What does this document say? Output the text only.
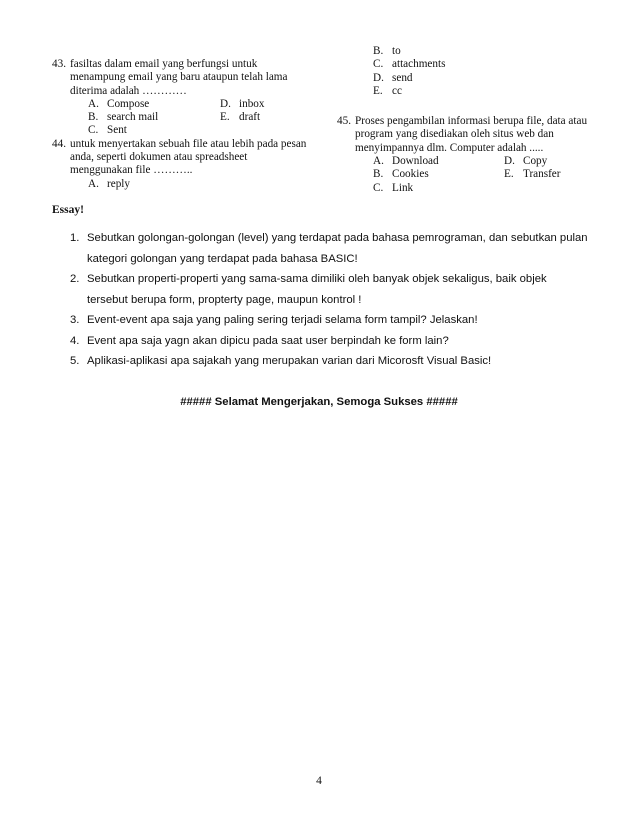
43. fasiltas dalam email yang berfungsi untuk menampung email yang baru ataupun telah lama diterima adalah …………
A. Compose	D. inbox
B. search mail	E. draft
C. Sent
44. untuk menyertakan sebuah file atau lebih pada pesan anda, seperti dokumen atau spreadsheet menggunakan file ………..
A. reply
B. to
C. attachments
D. send
E. cc
45. Proses pengambilan informasi berupa file, data atau program yang disediakan oleh situs web dan menyimpannya dlm. Computer adalah .....
A. Download	D. Copy
B. Cookies	E. Transfer
C. Link
Essay!
1. Sebutkan golongan-golongan (level) yang terdapat pada bahasa pemrograman, dan sebutkan pulan kategori golongan yang terdapat pada bahasa BASIC!
2. Sebutkan properti-properti yang sama-sama dimiliki oleh banyak objek sekaligus, baik objek tersebut berupa form, propterty page, maupun kontrol !
3. Event-event apa saja yang paling sering terjadi selama form tampil? Jelaskan!
4. Event apa saja yagn akan dipicu pada saat user berpindah ke form lain?
5. Aplikasi-aplikasi apa sajakah yang merupakan varian dari Micorosft Visual Basic!
##### Selamat Mengerjakan, Semoga Sukses #####
4
